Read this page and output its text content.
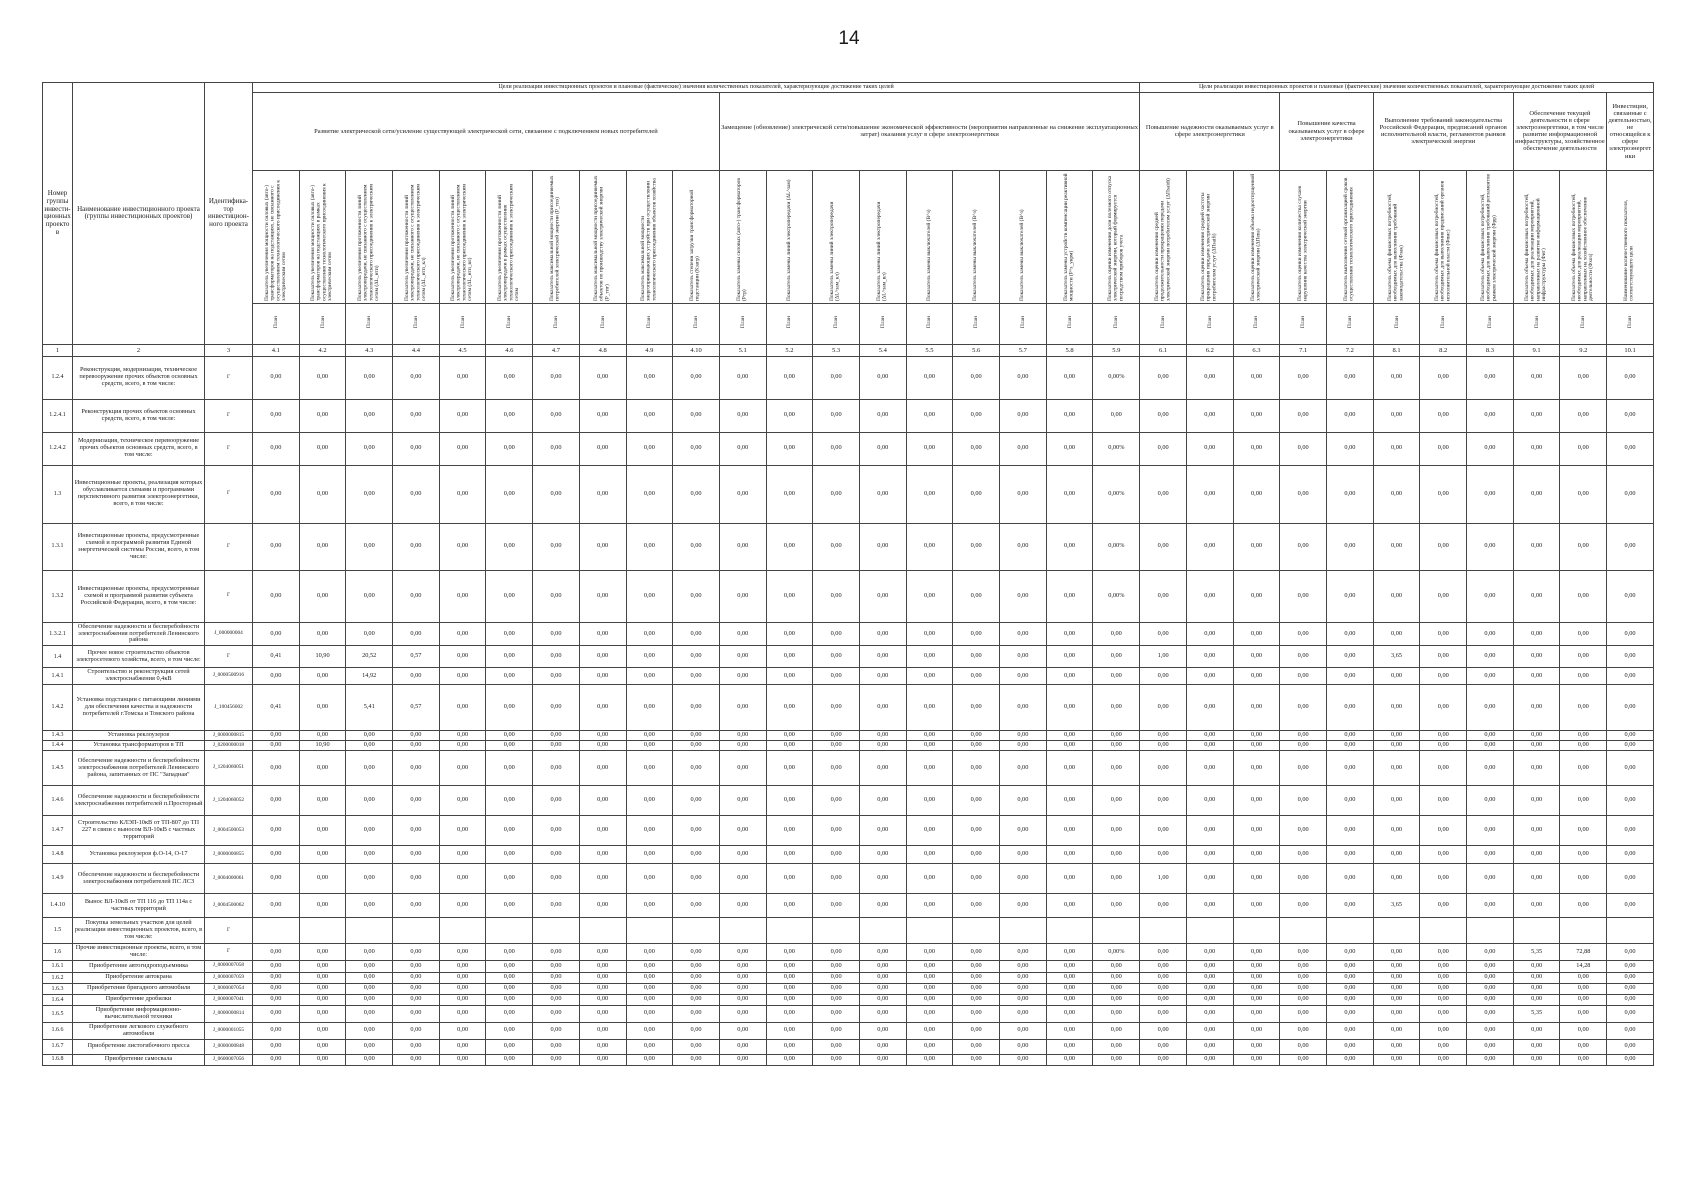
14
Номер группы инвести-ционных проектов	Наименование инвестиционного проекта (группы инвестиционных проектов)	Идентифика-тор инвестицион-ного проекта	Цели реализации инвестиционных проектов и плановые (фактические) значения количественных показателей, характеризующие достижение таких целей																			Цели реализации инвестиционных проектов и плановые (фактические) значения количественных показателей, характеризующие достижение таких целей										
			Развитие электрической сети/усиление существующей электрической сети, связанное с подключением новых потребителей										Замещение (обновление) электрической сети/повышение экономической эффективности (мероприятия направленные на снижение эксплуатационных затрат) оказания услуг в сфере электроэнергетики									Повышение надежности оказываемых услуг в сфере электроэнергетики			Повышение качества оказываемых услуг в сфере электроэнергетики		Выполнение требований законодательства Российской Федерации, предписаний органов исполнительной власти, регламентов рынков электрической энергии			Обеспечение текущей деятельности в сфере электроэнергетики, в том числе развитие информационной инфраструктуры, хозяйственное обеспечение деятельности		Инвестиции, связанные с деятельностью, не относящейся к сфере электроэнергетики

			Показатель увеличения мощности силовых (авто-) трансформаторов на подстанциях, не связанного с осуществлением технологического присоединения к электрическим сетям	Показатель увеличения мощности силовых (авто-) трансформаторов на подстанциях в рамках осуществления технологического присоединения к электрическим сетям	Показатель увеличения протяженности линий электропередачи, не связанного с осуществлением технологического присоединения к электрическим сетям (ΔL_нтп)	Показатель увеличения протяженности линий электропередачи, не связанного с осуществлением технологического присоединения к электрическим сетям (ΔL_нтп_кл)	Показатель увеличения протяженности линий электропередачи, не связанного с осуществлением технологического присоединения к электрическим сетям (ΔL_нтп_вл)	Показатель увеличения протяженности линий электропередачи в рамках осуществления технологического присоединения к электрическим сетям	Показатель максимальной мощности присоединяемых потребителей электрической энергии (Р_тпэ)	Показатель максимальной мощности присоединяемых объектов по производству электрической энергии (Р_тпг)	Показатель максимальной мощности энергопринимающих устройств при осуществлении технологического присоединения объектов хозяйства	Показатель степени загрузки трансформаторной подстанции (Кзагр)	Показатель замены силовых (авто-) трансформаторов (Ртр)	Показатель замены линий электропередачи (ΔL^зам)	Показатель замены линий электропередачи (ΔL^зам_кл)	Показатель замены линий электропередачи (ΔL^зам_вл)	Показатель замены выключателей (В^з)	Показатель замены выключателей (В^з)	Показатель замены выключателей (В^з)	Показатель замены устройств компенсации реактивной мощности (Р^з_укрм)	Показатель оценки изменения доли полезного отпуска электрической энергии, который формируется посредством приборов учета	Показатель оценки изменения средней продолжительности прекращения передачи электрической энергии потребителям услуг (ΔПsaidi)	Показатель оценки изменения средней частоты прекращения передачи электрической энергии потребителям услуг (ΔПsaifi)	Показатель оценки изменения объема недоотпущенной электрической энергии (ΔПens)	Показатель оценки изменения количества случаев нарушения качества электрической энергии	Показатель выполнения сетевой организацией сроков осуществления технологического присоединения	Показатель объема финансовых потребностей, необходимых для выполнения требований законодательства (Фзак)	Показатель объема финансовых потребностей, необходимых для выполнения предписаний органов исполнительной власти (Фпис)	Показатель объема финансовых потребностей, необходимых для выполнения требований регламентов рынков электрической энергии (Фрр)	Показатель объема финансовых потребностей, необходимых для реализации мероприятий, направленных на развитие информационной инфраструктуры (Фит)	Показатель объема финансовых потребностей, необходимых для реализации мероприятий, направленных на хозяйственное обеспечение деятельности (Фхоз)	Наименование количественного показателя, соответствующего цели

			План	План	План	План	План	План	План	План	План	План	План	План	План	План	План	План	План	План	План	План	План	План	План	План	План	План	План	План	План	План
1	2	3	4.1	4.2	4.3	4.4	4.5	4.6	4.7	4.8	4.9	4.10	5.1	5.2	5.3	5.4	5.5	5.6	5.7	5.8	5.9	6.1	6.2	6.3	7.1	7.2	8.1	8.2	8.3	9.1	9.2	10.1
1.2.4	Реконструкция, модернизация, техническое перевооружение прочих объектов основных средств, всего, в том числе:	Г	0,00	0,00	0,00	0,00	0,00	0,00	0,00	0,00	0,00	0,00	0,00	0,00	0,00	0,00	0,00	0,00	0,00	0,00	0,00%	0,00	0,00	0,00	0,00	0,00	0,00	0,00	0,00	0,00	0,00	0,00
1.2.4.1	Реконструкция прочих объектов основных средств, всего, в том числе:	Г	0,00	0,00	0,00	0,00	0,00	0,00	0,00	0,00	0,00	0,00	0,00	0,00	0,00	0,00	0,00	0,00	0,00	0,00	0,00	0,00	0,00	0,00	0,00	0,00	0,00	0,00	0,00	0,00	0,00	0,00
1.2.4.2	Модернизация, техническое перевооружение прочих объектов основных средств, всего, в том числе:	Г	0,00	0,00	0,00	0,00	0,00	0,00	0,00	0,00	0,00	0,00	0,00	0,00	0,00	0,00	0,00	0,00	0,00	0,00	0,00%	0,00	0,00	0,00	0,00	0,00	0,00	0,00	0,00	0,00	0,00	0,00
1.3	Инвестиционные проекты, реализация которых обуславливается схемами и программами перспективного развития электроэнергетики, всего, в том числе:	Г	0,00	0,00	0,00	0,00	0,00	0,00	0,00	0,00	0,00	0,00	0,00	0,00	0,00	0,00	0,00	0,00	0,00	0,00	0,00%	0,00	0,00	0,00	0,00	0,00	0,00	0,00	0,00	0,00	0,00	0,00
1.3.1	Инвестиционные проекты, предусмотренные схемой и программой развития Единой энергетической системы России, всего, в том числе:	Г	0,00	0,00	0,00	0,00	0,00	0,00	0,00	0,00	0,00	0,00	0,00	0,00	0,00	0,00	0,00	0,00	0,00	0,00	0,00%	0,00	0,00	0,00	0,00	0,00	0,00	0,00	0,00	0,00	0,00	0,00
1.3.2	Инвестиционные проекты, предусмотренные схемой и программой развития субъекта Российской Федерации, всего, в том числе:	Г	0,00	0,00	0,00	0,00	0,00	0,00	0,00	0,00	0,00	0,00	0,00	0,00	0,00	0,00	0,00	0,00	0,00	0,00	0,00%	0,00	0,00	0,00	0,00	0,00	0,00	0,00	0,00	0,00	0,00	0,00
1.3.2.1	Обеспечение надежности и бесперебойности электроснабжения потребителей Ленинского района	J_000000004	0,00	0,00	0,00	0,00	0,00	0,00	0,00	0,00	0,00	0,00	0,00	0,00	0,00	0,00	0,00	0,00	0,00	0,00	0,00	0,00	0,00	0,00	0,00	0,00	0,00	0,00	0,00	0,00	0,00	0,00
1.4	Прочее новое строительство объектов электросетевого хозяйства, всего, в том числе:	Г	0,41	10,90	20,52	0,57	0,00	0,00	0,00	0,00	0,00	0,00	0,00	0,00	0,00	0,00	0,00	0,00	0,00	0,00	0,00	1,00	0,00	0,00	0,00	0,00	3,65	0,00	0,00	0,00	0,00	0,00
1.4.1	Строительство и реконструкция сетей электроснабжения 0,4кВ	J_0000500916	0,00	0,00	14,92	0,00	0,00	0,00	0,00	0,00	0,00	0,00	0,00	0,00	0,00	0,00	0,00	0,00	0,00	0,00	0,00	0,00	0,00	0,00	0,00	0,00	0,00	0,00	0,00	0,00	0,00	0,00
1.4.2	Установка подстанции с питающими линиями для обеспечения качества и надежности потребителей г.Томска и Томского района	J_100456002	0,41	0,00	5,41	0,57	0,00	0,00	0,00	0,00	0,00	0,00	0,00	0,00	0,00	0,00	0,00	0,00	0,00	0,00	0,00	0,00	0,00	0,00	0,00	0,00	0,00	0,00	0,00	0,00	0,00	0,00
1.4.3	Установка реклоузеров	J_0000000815	0,00	0,00	0,00	0,00	0,00	0,00	0,00	0,00	0,00	0,00	0,00	0,00	0,00	0,00	0,00	0,00	0,00	0,00	0,00	0,00	0,00	0,00	0,00	0,00	0,00	0,00	0,00	0,00	0,00	0,00
1.4.4	Установка трансформаторов в ТП	J_0200000018	0,00	10,90	0,00	0,00	0,00	0,00	0,00	0,00	0,00	0,00	0,00	0,00	0,00	0,00	0,00	0,00	0,00	0,00	0,00	0,00	0,00	0,00	0,00	0,00	0,00	0,00	0,00	0,00	0,00	0,00
1.4.5	Обеспечение надежности и бесперебойности электроснабжения потребителей Ленинского района, запитанных от ПС "Западная"	J_1204060051	0,00	0,00	0,00	0,00	0,00	0,00	0,00	0,00	0,00	0,00	0,00	0,00	0,00	0,00	0,00	0,00	0,00	0,00	0,00	0,00	0,00	0,00	0,00	0,00	0,00	0,00	0,00	0,00	0,00	0,00
1.4.6	Обеспечение надежности и бесперебойности электроснабжения потребителей п.Просторный	J_1204060052	0,00	0,00	0,00	0,00	0,00	0,00	0,00	0,00	0,00	0,00	0,00	0,00	0,00	0,00	0,00	0,00	0,00	0,00	0,00	0,00	0,00	0,00	0,00	0,00	0,00	0,00	0,00	0,00	0,00	0,00
1.4.7	Строительство КЛЭП-10кВ от ТП-807 до ТП 227 в связи с выносом ВЛ-10кВ с частных территорий	J_0004500053	0,00	0,00	0,00	0,00	0,00	0,00	0,00	0,00	0,00	0,00	0,00	0,00	0,00	0,00	0,00	0,00	0,00	0,00	0,00	0,00	0,00	0,00	0,00	0,00	0,00	0,00	0,00	0,00	0,00	0,00
1.4.8	Установка реклоузеров ф.О-14, О-17	J_0000000855	0,00	0,00	0,00	0,00	0,00	0,00	0,00	0,00	0,00	0,00	0,00	0,00	0,00	0,00	0,00	0,00	0,00	0,00	0,00	0,00	0,00	0,00	0,00	0,00	0,00	0,00	0,00	0,00	0,00	0,00
1.4.9	Обеспечение надежности и бесперебойности электроснабжения потребителей ПС ЛСЗ	J_0004000061	0,00	0,00	0,00	0,00	0,00	0,00	0,00	0,00	0,00	0,00	0,00	0,00	0,00	0,00	0,00	0,00	0,00	0,00	0,00	1,00	0,00	0,00	0,00	0,00	0,00	0,00	0,00	0,00	0,00	0,00
1.4.10	Вынос ВЛ-10кВ от ТП 116 до ТП 114а с частных территорий	J_0004500062	0,00	0,00	0,00	0,00	0,00	0,00	0,00	0,00	0,00	0,00	0,00	0,00	0,00	0,00	0,00	0,00	0,00	0,00	0,00	0,00	0,00	0,00	0,00	0,00	3,65	0,00	0,00	0,00	0,00	0,00
1.5	Покупка земельных участков для целей реализации инвестиционных проектов, всего, в том числе:	Г																														
1.6	Прочие инвестиционные проекты, всего, в том числе:	Г	0,00	0,00	0,00	0,00	0,00	0,00	0,00	0,00	0,00	0,00	0,00	0,00	0,00	0,00	0,00	0,00	0,00	0,00	0,00%	0,00	0,00	0,00	0,00	0,00	0,00	0,00	0,00	5,35	72,88	0,00
1.6.1	Приобретение автогидроподъемника	J_0000007058	0,00	0,00	0,00	0,00	0,00	0,00	0,00	0,00	0,00	0,00	0,00	0,00	0,00	0,00	0,00	0,00	0,00	0,00	0,00	0,00	0,00	0,00	0,00	0,00	0,00	0,00	0,00	0,00	14,28	0,00
1.6.2	Приобретение автокрана	J_0000007059	0,00	0,00	0,00	0,00	0,00	0,00	0,00	0,00	0,00	0,00	0,00	0,00	0,00	0,00	0,00	0,00	0,00	0,00	0,00	0,00	0,00	0,00	0,00	0,00	0,00	0,00	0,00	0,00	0,00	0,00
1.6.3	Приобретение бригадного автомобиля	J_0000007054	0,00	0,00	0,00	0,00	0,00	0,00	0,00	0,00	0,00	0,00	0,00	0,00	0,00	0,00	0,00	0,00	0,00	0,00	0,00	0,00	0,00	0,00	0,00	0,00	0,00	0,00	0,00	0,00	0,00	0,00
1.6.4	Приобретение дробилки	J_0000007041	0,00	0,00	0,00	0,00	0,00	0,00	0,00	0,00	0,00	0,00	0,00	0,00	0,00	0,00	0,00	0,00	0,00	0,00	0,00	0,00	0,00	0,00	0,00	0,00	0,00	0,00	0,00	0,00	0,00	0,00
1.6.5	Приобретение информационно-вычислительной техники	J_0000000814	0,00	0,00	0,00	0,00	0,00	0,00	0,00	0,00	0,00	0,00	0,00	0,00	0,00	0,00	0,00	0,00	0,00	0,00	0,00	0,00	0,00	0,00	0,00	0,00	0,00	0,00	0,00	5,35	0,00	0,00
1.6.6	Приобретение легкового служебного автомобиля	J_0000001055	0,00	0,00	0,00	0,00	0,00	0,00	0,00	0,00	0,00	0,00	0,00	0,00	0,00	0,00	0,00	0,00	0,00	0,00	0,00	0,00	0,00	0,00	0,00	0,00	0,00	0,00	0,00	0,00	0,00	0,00
1.6.7	Приобретение листогибочного пресса	J_0000000848	0,00	0,00	0,00	0,00	0,00	0,00	0,00	0,00	0,00	0,00	0,00	0,00	0,00	0,00	0,00	0,00	0,00	0,00	0,00	0,00	0,00	0,00	0,00	0,00	0,00	0,00	0,00	0,00	0,00	0,00
1.6.8	Приобретение самосвала	J_0600007056	0,00	0,00	0,00	0,00	0,00	0,00	0,00	0,00	0,00	0,00	0,00	0,00	0,00	0,00	0,00	0,00	0,00	0,00	0,00	0,00	0,00	0,00	0,00	0,00	0,00	0,00	0,00	0,00	0,00	0,00
